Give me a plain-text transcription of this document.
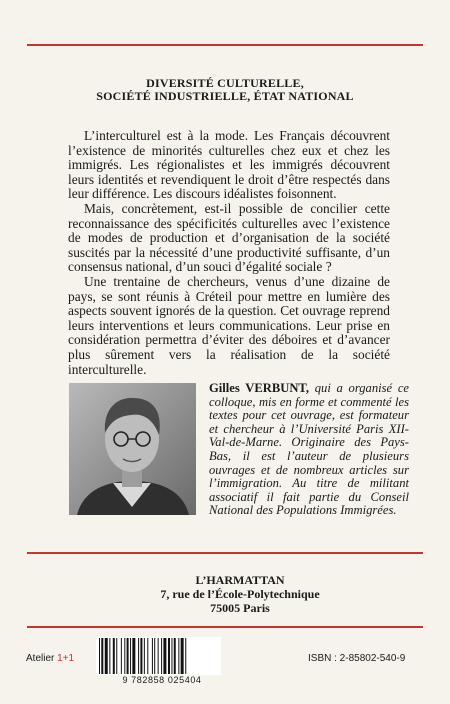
DIVERSITÉ CULTURELLE,
SOCIÉTÉ INDUSTRIELLE, ÉTAT NATIONAL

L’interculturel est à la mode. Les Français découvrent l’existence de minorités culturelles chez eux et chez les immigrés. Les régionalistes et les immigrés découvrent leurs identités et revendiquent le droit d’être respectés dans leur différence. Les discours idéalistes foisonnent.

Mais, concrètement, est-il possible de concilier cette reconnaissance des spécificités culturelles avec l’existence de modes de production et d’organisation de la société suscités par la nécessité d’une productivité suffisante, d’un consensus national, d’un souci d’égalité sociale ?

Une trentaine de chercheurs, venus d’une dizaine de pays, se sont réunis à Créteil pour mettre en lumière des aspects souvent ignorés de la question. Cet ouvrage reprend leurs interventions et leurs communications. Leur prise en considération permettra d’éviter des déboires et d’avancer plus sûrement vers la réalisation de la société interculturelle.

Gilles VERBUNT, qui a organisé ce colloque, mis en forme et commenté les textes pour cet ouvrage, est formateur et chercheur à l’Université Paris XII-Val-de-Marne. Originaire des Pays-Bas, il est l’auteur de plusieurs ouvrages et de nombreux articles sur l’immigration. Au titre de militant associatif il fait partie du Conseil National des Populations Immigrées.
L’HARMATTAN
7, rue de l’École-Polytechnique
75005 Paris
Atelier 1+1
9 782858 025404
ISBN : 2-85802-540-9
